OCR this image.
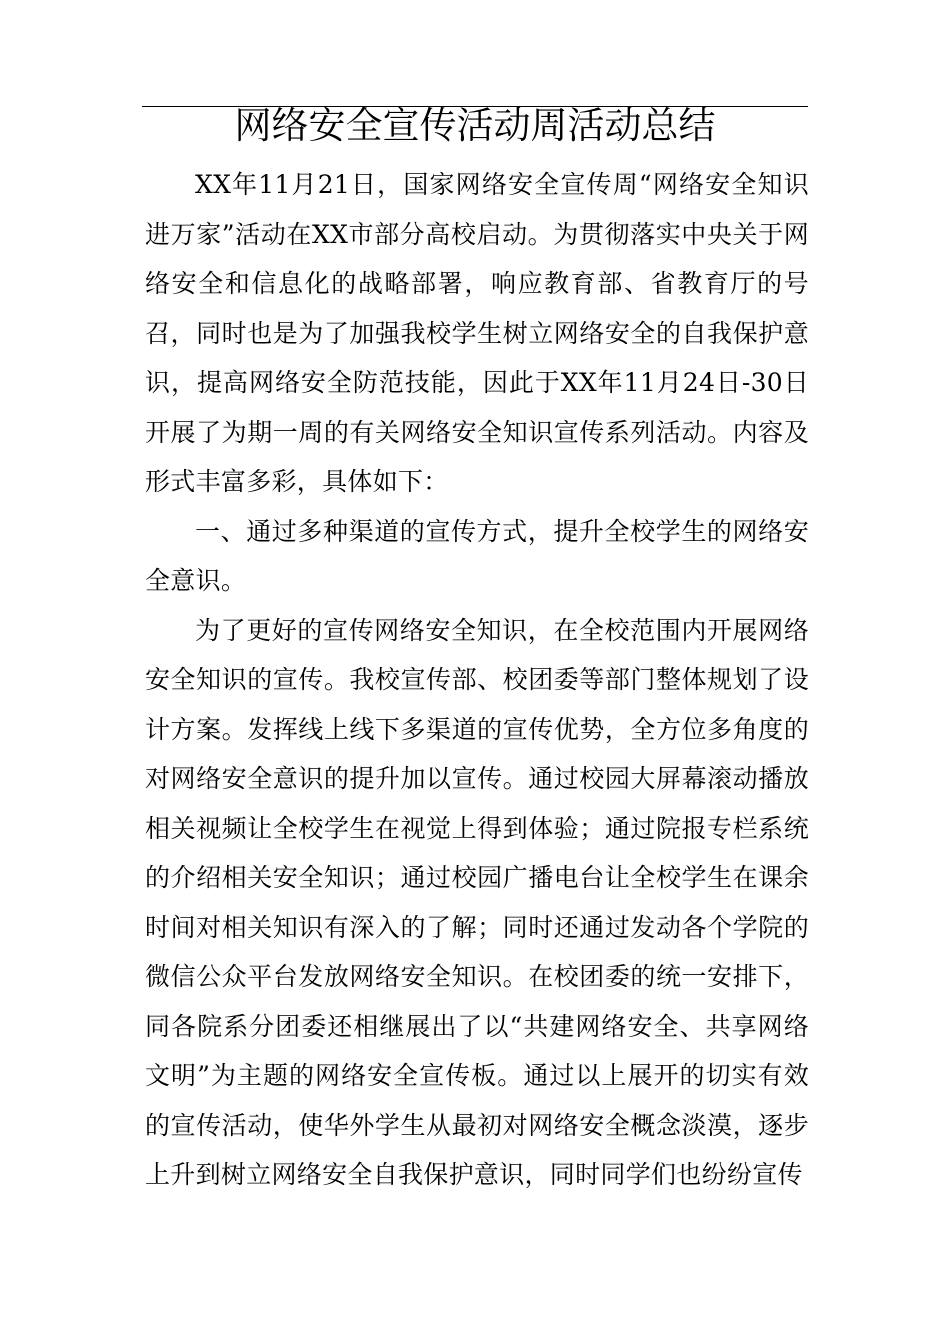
网络安全宣传活动周活动总结

XX年11月21日，国家网络安全宣传周“网络安全知识进万家”活动在XX市部分高校启动。为贯彻落实中央关于网络安全和信息化的战略部署，响应教育部、省教育厅的号召，同时也是为了加强我校学生树立网络安全的自我保护意识，提高网络安全防范技能，因此于XX年11月24日-30日开展了为期一周的有关网络安全知识宣传系列活动。内容及形式丰富多彩，具体如下：

一、通过多种渠道的宣传方式，提升全校学生的网络安全意识。

为了更好的宣传网络安全知识，在全校范围内开展网络安全知识的宣传。我校宣传部、校团委等部门整体规划了设计方案。发挥线上线下多渠道的宣传优势，全方位多角度的对网络安全意识的提升加以宣传。通过校园大屏幕滚动播放相关视频让全校学生在视觉上得到体验；通过院报专栏系统的介绍相关安全知识；通过校园广播电台让全校学生在课余时间对相关知识有深入的了解；同时还通过发动各个学院的微信公众平台发放网络安全知识。在校团委的统一安排下，同各院系分团委还相继展出了以“共建网络安全、共享网络文明”为主题的网络安全宣传板。通过以上展开的切实有效的宣传活动，使华外学生从最初对网络安全概念淡漠，逐步上升到树立网络安全自我保护意识，同时同学们也纷纷宣传
